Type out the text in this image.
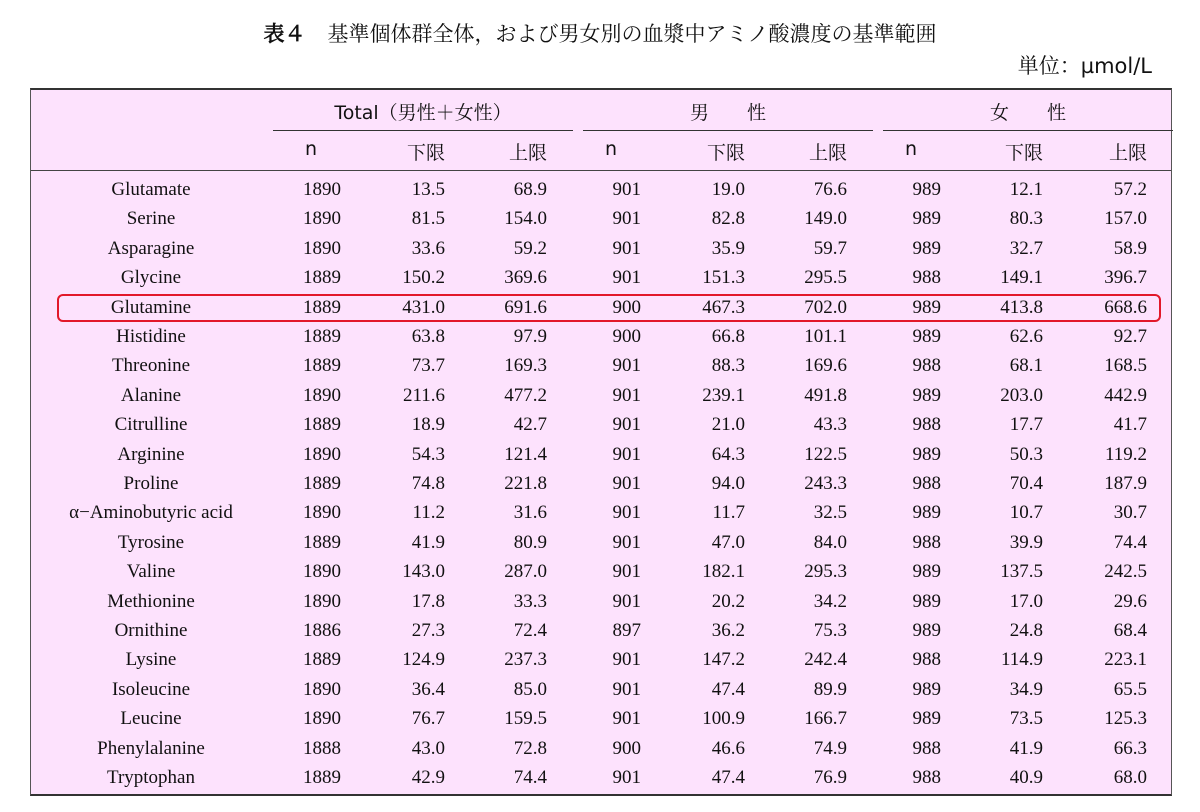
表４ 基準個体群全体，および男女別の血漿中アミノ酸濃度の基準範囲
単位：µmol/L
Total（男性＋女性）	男　　性	女　　性
n	下限	上限	n	下限	上限	n	下限	上限
Glutamate	1890	13.5	68.9	901	19.0	76.6	989	12.1	57.2
Serine	1890	81.5	154.0	901	82.8	149.0	989	80.3	157.0
Asparagine	1890	33.6	59.2	901	35.9	59.7	989	32.7	58.9
Glycine	1889	150.2	369.6	901	151.3	295.5	988	149.1	396.7
Glutamine	1889	431.0	691.6	900	467.3	702.0	989	413.8	668.6
Histidine	1889	63.8	97.9	900	66.8	101.1	989	62.6	92.7
Threonine	1889	73.7	169.3	901	88.3	169.6	988	68.1	168.5
Alanine	1890	211.6	477.2	901	239.1	491.8	989	203.0	442.9
Citrulline	1889	18.9	42.7	901	21.0	43.3	988	17.7	41.7
Arginine	1890	54.3	121.4	901	64.3	122.5	989	50.3	119.2
Proline	1889	74.8	221.8	901	94.0	243.3	988	70.4	187.9
α−Aminobutyric acid	1890	11.2	31.6	901	11.7	32.5	989	10.7	30.7
Tyrosine	1889	41.9	80.9	901	47.0	84.0	988	39.9	74.4
Valine	1890	143.0	287.0	901	182.1	295.3	989	137.5	242.5
Methionine	1890	17.8	33.3	901	20.2	34.2	989	17.0	29.6
Ornithine	1886	27.3	72.4	897	36.2	75.3	989	24.8	68.4
Lysine	1889	124.9	237.3	901	147.2	242.4	988	114.9	223.1
Isoleucine	1890	36.4	85.0	901	47.4	89.9	989	34.9	65.5
Leucine	1890	76.7	159.5	901	100.9	166.7	989	73.5	125.3
Phenylalanine	1888	43.0	72.8	900	46.6	74.9	988	41.9	66.3
Tryptophan	1889	42.9	74.4	901	47.4	76.9	988	40.9	68.0
